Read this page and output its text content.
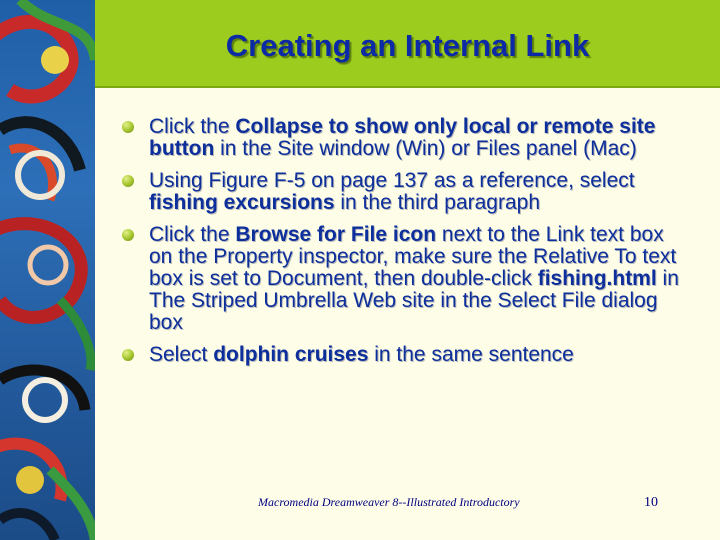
Creating an Internal Link
Click the Collapse to show only local or remote site button in the Site window (Win) or Files panel (Mac)
Using Figure F-5 on page 137 as a reference, select fishing excursions in the third paragraph
Click the Browse for File icon next to the Link text box on the Property inspector, make sure the Relative To text box is set to Document, then double-click fishing.html in The Striped Umbrella Web site in the Select File dialog box
Select dolphin cruises in the same sentence
Macromedia Dreamweaver 8--Illustrated Introductory	10
